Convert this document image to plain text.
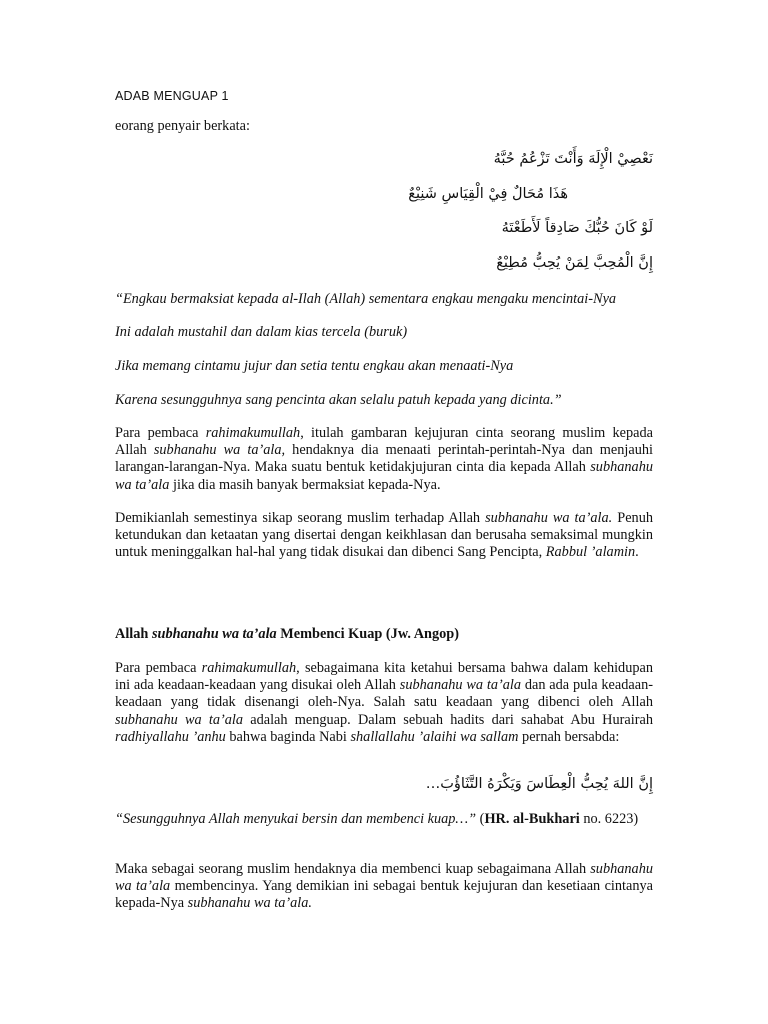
ADAB MENGUAP 1

eorang penyair berkata:

نَعْصِيْ الْإِلَهَ وَأَنْتَ تَزْعُمُ حُبَّهُ
هَذَا مُحَالٌ فِيْ الْقِيَاسِ شَنِيْعٌ
لَوْ كَانَ حُبُّكَ صَادِقاً لَأَطَعْتَهُ
إِنَّ الْمُحِبَّ لِمَنْ يُحِبُّ مُطِيْعٌ

“Engkau bermaksiat kepada al-Ilah (Allah) sementara engkau mengaku mencintai-Nya

Ini adalah mustahil dan dalam kias tercela (buruk)

Jika memang cintamu jujur dan setia tentu engkau akan menaati-Nya

Karena sesungguhnya sang pencinta akan selalu patuh kepada yang dicinta.”

Para pembaca rahimakumullah, itulah gambaran kejujuran cinta seorang muslim kepada Allah subhanahu wa ta’ala, hendaknya dia menaati perintah-perintah-Nya dan menjauhi larangan-larangan-Nya. Maka suatu bentuk ketidakjujuran cinta dia kepada Allah subhanahu wa ta’ala jika dia masih banyak bermaksiat kepada-Nya.

Demikianlah semestinya sikap seorang muslim terhadap Allah subhanahu wa ta’ala. Penuh ketundukan dan ketaatan yang disertai dengan keikhlasan dan berusaha semaksimal mungkin untuk meninggalkan hal-hal yang tidak disukai dan dibenci Sang Pencipta, Rabbul ’alamin.

Allah subhanahu wa ta’ala Membenci Kuap (Jw. Angop)

Para pembaca rahimakumullah, sebagaimana kita ketahui bersama bahwa dalam kehidupan ini ada keadaan-keadaan yang disukai oleh Allah subhanahu wa ta’ala dan ada pula keadaan-keadaan yang tidak disenangi oleh-Nya. Salah satu keadaan yang dibenci oleh Allah subhanahu wa ta’ala adalah menguap. Dalam sebuah hadits dari sahabat Abu Hurairah radhiyallahu ’anhu bahwa baginda Nabi shallallahu ’alaihi wa sallam pernah bersabda:

إِنَّ اللهَ يُحِبُّ الْعِطَاسَ وَيَكْرَهُ التَّثَاؤُبَ…

“Sesungguhnya Allah menyukai bersin dan membenci kuap…” (HR. al-Bukhari no. 6223)

Maka sebagai seorang muslim hendaknya dia membenci kuap sebagaimana Allah subhanahu wa ta’ala membencinya. Yang demikian ini sebagai bentuk kejujuran dan kesetiaan cintanya kepada-Nya subhanahu wa ta’ala.
